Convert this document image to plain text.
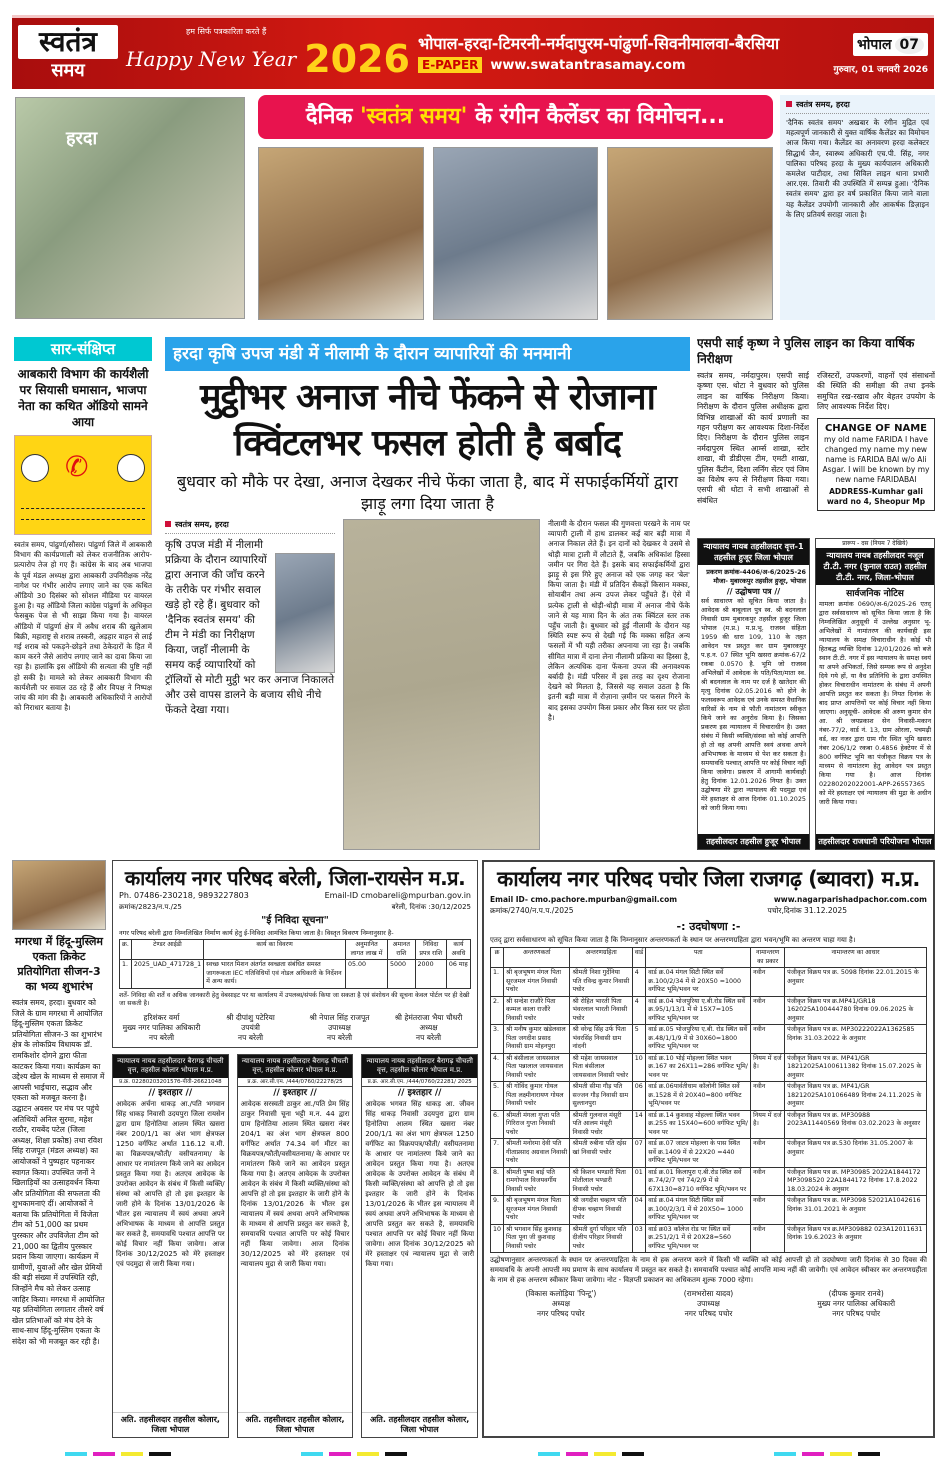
स्वतंत्र
समय
हम सिर्फ पत्रकारिता करते हैं
Happy New Year 2026 भोपाल-हरदा-टिमरनी-नर्मदापुरम-पांढुर्णा-सिवनीमालवा-बैरसिया
E-PAPER www.swatantrasamay.com
भोपाल 07
गुरुवार, 01 जनवरी 2026
हरदा
दैनिक 'स्वतंत्र समय' के रंगीन कैलेंडर का विमोचन...	स्वतंत्र समय, हरदा
'दैनिक स्वतंत्र समय' अखबार के रंगीन मुद्रित एवं महत्वपूर्ण जानकारी से युक्त वार्षिक कैलेंडर का विमोचन आज किया गया। कैलेंडर का अनावरण हरदा कलेक्टर सिद्धार्थ जैन, स्वास्थ्य अधिकारी एच.पी. सिंह, नगर पालिका परिषद हरदा के मुख्य कार्यपालन अधिकारी कमलेश पाटीदार, तथा सिविल लाइन थाना प्रभारी आर.एस. तिवारी की उपस्थिति में सम्पन्न हुआ। 'दैनिक स्वतंत्र समय' द्वारा हर वर्ष प्रकाशित किया जाने वाला यह कैलेंडर उपयोगी जानकारी और आकर्षक डिज़ाइन के लिए प्रतिवर्ष सराहा जाता है।
सार-संक्षिप्त
आबकारी विभाग की कार्यशैली पर सियासी घमासान, भाजपा नेता का कथित ऑडियो सामने आया
✆
स्वतंत्र समय, पांढुर्णा/सौसर। पांढुर्णा जिले में आबकारी विभाग की कार्यप्रणाली को लेकर राजनीतिक आरोप-प्रत्यारोप तेज हो गए हैं। कांग्रेस के बाद अब भाजपा के पूर्व मंडल अध्यक्ष द्वारा आबकारी उपनिरीक्षक नरेंद्र नागेश पर गंभीर आरोप लगाए जाने का एक कथित ऑडियो 30 दिसंबर को सोशल मीडिया पर वायरल हुआ है। यह ऑडियो जिला कांग्रेस पांढुर्णा के अधिकृत फेसबुक पेज से भी साझा किया गया है। वायरल ऑडियो में पांढुर्णा क्षेत्र में अवैध शराब की खुलेआम बिक्री, महाराष्ट्र से शराब तस्करी, अड़हार वाहन से लाई गई शराब को पकड़ने-छोड़ने तथा ठेकेदारों के हित में काम करने जैसे आरोप लगाए जाने का दावा किया जा रहा है। हालांकि इस ऑडियो की सत्यता की पुष्टि नहीं हो सकी है। मामले को लेकर आबकारी विभाग की कार्यशैली पर सवाल उठ रहे हैं और विपक्ष ने निष्पक्ष जांच की मांग की है। आबकारी अधिकारियों ने आरोपों को निराधार बताया है।
हरदा कृषि उपज मंडी में नीलामी के दौरान व्यापारियों की मनमानी
मुट्ठीभर अनाज नीचे फेंकने से रोजाना
क्विंटलभर फसल होती है बर्बाद
बुधवार को मौके पर देखा, अनाज देखकर नीचे फेंका जाता है, बाद में सफाईकर्मियों द्वारा झाड़ू लगा दिया जाता है
स्वतंत्र समय, हरदा
कृषि उपज मंडी में नीलामी प्रक्रिया के दौरान व्यापारियों द्वारा अनाज की जाँच करने के तरीके पर गंभीर सवाल खड़े हो रहे हैं। बुधवार को 'दैनिक स्वतंत्र समय' की टीम ने मंडी का निरीक्षण किया, जहाँ नीलामी के समय कई व्यापारियों को ट्रॉलियों से मोटी मुट्ठी भर कर अनाज निकालते और उसे वापस डालने के बजाय सीधे नीचे फेंकते देखा गया।
नीलामी के दौरान फसल की गुणवत्ता परखने के नाम पर व्यापारी ट्राली में हाथ डालकर कई बार बड़ी मात्रा में अनाज निकाल लेते हैं। इन दानों को देखकर वे उसमे से थोड़ी मात्रा ट्राली में लौटाते हैं, जबकि अधिकांश हिस्सा जमीन पर गिरा देते हैं। इसके बाद सफाईकर्मियों द्वारा झाड़ू से इस गिरे हुए अनाज को एक जगह कर 'बेल' किया जाता है। मंडी में प्रतिदिन सैकड़ों किसान मक्का, सोयाबीन तथा अन्य उपज लेकर पहुँचते हैं। ऐसे में प्रत्येक ट्राली से थोड़ी-थोड़ी मात्रा में अनाज नीचे फेंके जाने से यह मात्रा दिन के अंत तक क्विंटल स्तर तक पहुँच जाती है। बुधवार को हुई नीलामी के दौरान यह स्थिति स्पष्ट रूप से देखी गई कि मक्का सहित अन्य फसलों में भी यही तरीका अपनाया जा रहा है। जबकि सीमित मात्रा में दाना लेना नीलामी प्रक्रिया का हिस्सा है, लेकिन अत्यधिक दाना फेंकना उपज की अनावश्यक बर्बादी है। मंडी परिसर में इस तरह का दृश्य रोजाना देखने को मिलता है, जिससे यह सवाल उठता है कि इतनी बड़ी मात्रा में रोज़ाना ज़मीन पर फसल गिरने के बाद इसका उपयोग किस प्रकार और किस स्तर पर होता है।
एसपी साई कृष्ण ने पुलिस लाइन का किया वार्षिक निरीक्षण
स्वतंत्र समय, नर्मदापुरम। एसपी साई कृष्णा एस. थोटा ने बुधवार को पुलिस लाइन का वार्षिक निरीक्षण किया। निरीक्षण के दौरान पुलिस अधीक्षक द्वारा विभिन्न शाखाओं की कार्य प्रणाली का गहन परीक्षण कर आवश्यक दिशा-निर्देश दिए। निरीक्षण के दौरान पुलिस लाइन नर्मदापुरम स्थित आर्म्स शाखा, स्टोर शाखा, बी डीडीएस टीम, एमटी शाखा, पुलिस कैंटीन, दिशा लर्निंग सेंटर एवं जिम का विशेष रूप से निरीक्षण किया गया। एसपी श्री थोटा ने सभी शाखाओं से संबंधित
रजिस्टरों, उपकरणों, वाहनों एवं संसाधनों की स्थिति की समीक्षा की तथा इनके समुचित रख-रखाव और बेहतर उपयोग के लिए आवश्यक निर्देश दिए।
CHANGE OF NAME
my old name FARIDA I have changed my name my new name is FARIDA BAI w/o Ali Asgar. I will be known by my new name FARIDABAI
ADDRESS-Kumhar gali ward no 4, Sheopur Mp
न्यायालय नायब तहसीलदार वृत्त-1 तहसील हुजूर जिला भोपाल
प्रकरण क्रमांक-4406/अ-6/2025-26 मौजा- मुबारकपुर तहसील हुजूर, भोपाल
// उद्घोषणा पत्र //
सर्व साधारण को सूचित किया जाता है। आवेदक श्री बाबूलाल पुत्र स्व. श्री बदनलाल निवासी ग्राम मुबारकपुर तहसील हुजूर जिला भोपाल (म.प्र.) म.प्र.भू. राजस्व संहिता 1959 की धारा 109, 110 के तहत आवेदन पत्र प्रस्तुत कर ग्राम मुबारकपुर प.ह.न. 07 स्थित भूमि खसरा क्रमांक-67/2 रकबा 0.0570 है. भूमि जो राजस्व अभिलेखों में आवेदक के पति/पिता/माता स्व. श्री बदनलाल के नाम पर दर्ज है खातेदार की मृत्यु दिनांक 02.05.2016 को होने के फलस्वरूप आवेदक एवं उनके समस्त वैधानिक वारिसों के नाम से फौती नामांतरण स्वीकृत किये जाने का अनुरोध किया है। जिसका प्रकरण इस न्यायालय में विचाराधीन है। उक्त संबंध में किसी व्यक्ति/संस्था को कोई आपत्ति हो तो वह अपनी आपत्ति स्वयं अथवा अपने अभिभाषक के माध्यम से पेश कर सकता है। समयावधि पश्चात् आपत्ति पर कोई विचार नहीं किया जावेगा। प्रकरण में आगामी कार्यवाही हेतु दिनांक 12.01.2026 नियत है। उक्त उद्घोषणा मेरे द्वारा न्यायालय की पदमुद्रा एवं मेरे हस्ताक्षर से आज दिनांक 01.10.2025 को जारी किया गया।
तहसीलदार तहसील हुजूर भोपाल
प्रारूप - दस (नियम 7 देखिये)
न्यायालय नायब तहसीलदार नजूल टी.टी. नगर (कुनाल राउत) तहसील टी.टी. नगर, जिला-भोपाल
सार्वजनिक नोटिस
मामला क्रमांक 0690/अ-6/2025-26 एतद् द्वारा सर्वसाधारण को सूचित किया जाता है कि निम्नलिखित अनुसूची में उल्लेख अनुसार भू-अभिलेखों में नामांतरण की कार्यवाही इस न्यायालय के समक्ष विचाराधीन है। कोई भी हितबद्ध व्यक्ति दिनांक 12/01/2026 को बजे स्थान टी.टी. नगर में इस न्यायालय के समक्ष स्वयं या अपने अभिकर्ता, जिसे सम्यक रूप से अनुदेश दिये गये हों, या वैध प्रतिनिधि के द्वारा उपस्थित होकर विचाराधीन नामांतरण के संबंध में अपनी आपत्ति प्रस्तुत कर सकता है। नियत दिनांक के बाद प्राप्त आपत्तियों पर कोई विचार नहीं किया जाएगा। अनुसूची- आवेदक श्री अरुण कुमार सेन आ. श्री जयप्रकाश सेन निवासी-मकान नंबर-77/2, वार्ड नं. 13, ग्राम ओरला, पचमढ़ी वर्ड, का नजर द्वारा ग्राम गौर स्थित भूमि खसरा नंबर 206/1/2 रकबा 0.4856 हेक्टेयर में से 800 वर्गफिट भूमि का पंजीकृत विक्रय पत्र के माध्यम से नामांतरण हेतु आवेदन पत्र प्रस्तुत किया गया है। आज दिनांक 02280202022001-APP-26557365 को मेरे हस्ताक्षर एवं न्यायालय की मुद्रा के अधीन जारी किया गया।
तहसीलदार राजधानी परियोजना भोपाल
मगरधा में हिंदू-मुस्लिम एकता क्रिकेट प्रतियोगिता सीजन-3 का भव्य शुभारंभ
स्वतंत्र समय, हरदा। बुधवार को जिले के ग्राम मगरधा में आयोजित हिंदू-मुस्लिम एकता क्रिकेट प्रतियोगिता सीजन-3 का शुभारंभ क्षेत्र के लोकप्रिय विधायक डॉ. रामकिशोर दोगने द्वारा फीता काटकर किया गया। कार्यक्रम का उद्देश्य खेल के माध्यम से समाज में आपसी भाईचारा, सद्भाव और एकता को मजबूत करना है। उद्घाटन अवसर पर मंच पर पहुंचे अतिथियों अनिल सुरमा, महेश राठौर, रायबेंद पटेल (जिला अध्यक्ष, शिक्षा प्रकोष्ठ) तथा रविश सिंह राजपूत (मंडल अध्यक्ष) का आयोजकों ने पुष्पहार पहनाकर स्वागत किया। उपस्थित जनों ने खिलाड़ियों का उत्साहवर्धन किया और प्रतियोगिता की सफलता की शुभकामनाएं दीं। आयोजकों ने बताया कि प्रतियोगिता में विजेता टीम को 51,000 का प्रथम पुरस्कार और उपविजेता टीम को 21,000 का द्वितीय पुरस्कार प्रदान किया जाएगा। कार्यक्रम में ग्रामीणों, युवाओं और खेल प्रेमियों की बड़ी संख्या में उपस्थिति रही, जिन्होंने मैच को लेकर उत्साह जाहिर किया। मगरधा में आयोजित यह प्रतियोगिता लगातार तीसरे वर्ष खेल प्रतिभाओं को मंच देने के साथ-साथ हिंदू-मुस्लिम एकता के संदेश को भी मजबूत कर रही है।
कार्यालय नगर परिषद बरेली, जिला-रायसेन म.प्र.
Ph. 07486-230218, 9893227803	Email-ID cmobareli@mpurban.gov.in
क्रमांक/2823/न.प./25	बरेली, दिनांक :30/12/2025
"ई निविदा सूचना"
नगर परिषद बरेली द्वारा निम्नलिखित निर्माण कार्य हेतु ई-निविदा आमंत्रित किया जाता है। विस्तृत विवरण निम्नानुसार है-
क्र.	टेण्डर आईडी	कार्य का विवरण	अनुमानित लागत लाख में	अमानत राशि	निविदा प्रपत्र राशि	कार्य अवधि
1.	2025_UAD_471728_1	स्वच्छ भारत मिशन अंतर्गत स्वच्छता संबंधित समस्त जागरूकता IEC गतिविधियों एवं नोडल अधिकारी के निर्देशन में अन्य कार्य।	05.00	5000	2000	06 माह
शर्तें- निविदा की शर्तें व अधिक जानकारी हेतु वेबसाइट पर या कार्यालय में उपलब्ध/संपर्क किया जा सकता है एवं संशोधन की सूचना केवल पोर्टल पर ही देखी जा सकती है।
हरिशंकर वर्मा
मुख्य नगर पालिका अधिकारी
नप बरेली
श्री दीपांशु पटेरिया
उपयंत्री
नप बरेली
श्री नेपाल सिंह राजपूत
उपाध्यक्ष
नप बरेली
श्री हेमंतराजा भैया चौधरी
अध्यक्ष
नप बरेली
न्यायालय नायब तहसीलदार बैरागढ़ चीचली वृत्त, तहसील कोलार भोपाल म.प्र.
प्र.क्र. 0228020320157б-पीवी-26621048
// इश्तहार //
आवेदक अर्चना धाकड़ आ./पति भगवान सिंह धाकड़ निवासी उदयपुरा जिला रायसेन द्वारा ग्राम हिनोतिया आलम स्थित खसरा नंबर 200/1/1 का अंश भाग क्षेत्रफल 1250 वर्गफिट अर्थात 116.12 व.मी. का विक्रयपत्र/फौती/ वसीयतनामा/ के आधार पर नामांतरण किये जाने का आवेदन प्रस्तुत किया गया है। अतएव आवेदक के उपरोक्त आवेदन के संबंध में किसी व्यक्ति/संस्था को आपत्ति हो तो इस इश्तहार के जारी होने के दिनांक 13/01/2026 के भीतर इस न्यायालय में स्वयं अथवा अपने अभिभाषक के माध्यम से आपत्ति प्रस्तुत कर सकते है, समयावधि पश्चात आपत्ति पर कोई विचार नहीं किया जावेगा। आज दिनांक 30/12/2025 को मेरे हस्ताक्षर एवं पदमुद्रा से जारी किया गया।
अति. तहसीलदार तहसील कोलार, जिला भोपाल
न्यायालय नायब तहसीलदार बैरागढ़ चीचली वृत्त, तहसील कोलार भोपाल म.प्र.
प्र.क्र. आर.सी.एम. /444/0760/22278/25
// इश्तहार //
आवेदक सरस्वती ठाकुर आ./पति प्रेम सिंह ठाकुर निवासी चूना भट्टी म.न. 44 द्वारा ग्राम हिनोतिया आलम स्थित खसरा नंबर 204/1 का अंश भाग क्षेत्रफल 800 वर्गफिट अर्थात 74.34 वर्ग मीटर का विक्रयपत्र/फौती/वसीयतनामा/ के आधार पर नामांतरण किये जाने का आवेदन प्रस्तुत किया गया है। अतएव आवेदक के उपरोक्त आवेदन के संबंध में किसी व्यक्ति/संस्था को आपत्ति हो तो इस इश्तहार के जारी होने के दिनांक 13/01/2026 के भीतर इस न्यायालय में स्वयं अथवा अपने अभिभाषक के माध्यम से आपत्ति प्रस्तुत कर सकते है, समयावधि पश्चात आपत्ति पर कोई विचार नहीं किया जावेगा। आज दिनांक 30/12/2025 को मेरे हस्ताक्षर एवं न्यायालय मुद्रा से जारी किया गया।
अति. तहसीलदार तहसील कोलार, जिला भोपाल
न्यायालय नायब तहसीलदार बैरागढ़ चीचली वृत्त, तहसील कोलार भोपाल म.प्र.
प्र.क्र. आर.सी.एम. /444/0760/22281/ 2025
// इश्तहार //
आवेदक भगवत सिंह धाकड़ आ. जीवन सिंह धाकड़ निवासी उदयपुरा द्वारा ग्राम हिनोतिया आलम स्थित खसरा नंबर 200/1/1 का अंश भाग क्षेत्रफल 1250 वर्गफिट का विक्रयपत्र/फौती/ वसीयतनामा के आधार पर नामांतरण किये जाने का आवेदन प्रस्तुत किया गया है। अतएव आवेदक के उपरोक्त आवेदन के संबंध में किसी व्यक्ति/संस्था को आपत्ति हो तो इस इश्तहार के जारी होने के दिनांक 13/01/2026 के भीतर इस न्यायालय में स्वयं अथवा अपने अभिभाषक के माध्यम से आपत्ति प्रस्तुत कर सकते है, समयावधि पश्चात आपत्ति पर कोई विचार नहीं किया जावेगा। आज दिनांक 30/12/2025 को मेरे हस्ताक्षर एवं न्यायालय मुद्रा से जारी किया गया।
अति. तहसीलदार तहसील कोलार, जिला भोपाल
कार्यालय नगर परिषद पचोर जिला राजगढ़ (ब्यावरा) म.प्र.
Email ID- cmo.pachore.mpurban@gmail.com	www.nagarparishadpachor.com.com
क्रमांक/2740/न.प.प./2025	पचोर,दिनांक 31.12.2025
-: उदघोषणा :-
एतद् द्वारा सर्वसाधारण को सूचित किया जाता है कि निम्नानुसार अन्तरणकर्ता के स्थान पर अन्तरणग्रहिता द्वारा भवन/भूमि का अन्तरण चाहा गया है।
क्र	अन्तरणकर्ता	अन्तरणग्रहिता	वार्ड	पता	नामान्तरण का प्रकार	नामान्तरण का आधार
1.	श्री बृजभूषण मंगल पिता सूरजमल मंगल निवासी पचोर	श्रीमती निशा गुर्देनिया पति रविन्द्र कुमार निवासी पचोर	4	वार्ड क्र.04 मंगल सिटी स्थित सर्वे क्र.100/2/34 में से 20X50 =1000 वर्गफिट भूमि/भवन पर	नवीन	पंजीकृत विक्रय पत्र क्र. 5098 दिनांक 22.01.2015 के अनुसार
2.	श्री सन्देश राजौरे पिता कम्मल काला राजौरे निवासी पचोर	श्री रोहित भारती पिता भंवरलाल भारती निवासी पचोर	4	वार्ड क्र.04 भोजपुरिया ए.बी.रोड स्थित सर्वे क्र.95/1/13/1 में से 15X7=105 वर्गफिट भूमि/भवन पर	नवीन	पंजीकृत विक्रय पत्र क्र.MP41/GR18 162025A100444780 दिनांक 09.06.2025 के अनुसार
3.	श्री मनीष कुमार खंडेलवाल पिता जगदीश प्रसाद निवासी ग्राम मोहनपुरा	श्री वरेन्द्र सिंह उर्फ पिता भंवरसिंह निवासी ग्राम नांदनी	5	वार्ड क्र.05 भोजपुरिया ए.बी. रोड स्थित सर्वे क्र.48/1/1/9 में से 30X60=1800 वर्गफिट भूमि/भवन पर	नवीन	पंजीकृत विक्रय पत्र क्र. MP30222022A1362585 दिनांक 31.03.2022 के अनुसार
4.	श्री बंसीलाल जायसवाल पिता पन्नालाल जायसवाल निवासी पचोर	श्री महेश जायसवाल पिता बंसीलाल जायसवाल निवासी पचोर	10	वार्ड क्र.10 भोई मोहल्ला स्थित भवन क्र.167 का 26X11=286 वर्गफिट भूमि/भवन पर	नियम में दर्ज है।	पंजीकृत विक्रय पत्र क्र. MP41/GR 18212025A100611382 दिनांक 15.07.2025 के अनुसार
5.	श्री गोविंद कुमार गोयल पिता लक्ष्मीनारायण गोयल निवासी पचोर	श्रीमती सीमा गौड़ पति सज्जन गौड़ निवासी ग्राम सुल्तानपुरा	06	वार्ड क्र.06पार्वतीधाम कॉलोनी स्थित सर्वे क्र.1528 में से 20X40=800 वर्गफिट भूमि/भवन पर	नवीन	पंजीकृत विक्रय पत्र क्र. MP41/GR 18212025A101066489 दिनांक 24.11.2025 के अनुसार
6.	श्रीमती मंगला गुप्ता पति गिरिराज गुप्ता निवासी पचोर	श्रीमती गुलनाज मंसूरी पति आलम मंसूरी निवासी पचोर	14	वार्ड क्र.14 कुशवाह मोहल्ला स्थित भवन क्र.255 का 15X40=600 वर्गफिट भूमि/भवन पर	नियम में दर्ज है।	पंजीकृत विक्रय पत्र क्र. MP30988 2023A11440569 दिनांक 03.02.2023 के अनुसार
7.	श्रीमती मनोरमा देवी पति गीताप्रसाद अग्रवाल निवासी पचोर	श्रीमती रुबीना पति रईस खां निवासी पचोर	07	वार्ड क्र.07 जाटव मोहल्ला के पास स्थित सर्वे क्र.1409 में से 22X20 =440 वर्गफिट भूमि/भवन पर	नवीन	पंजीकृत विक्रय पत्र क्र.530 दिनांक 31.05.2007 के अनुसार
8.	श्रीमती पुष्पा बाई पति रामगोपाल विजयवर्गीय निवासी पचोर	श्री किशन भण्डारी पिता मोतीलाल भण्डारी निवासी पचोर	01	वार्ड क्र.01 किलापुरा ए.बी.रोड स्थित सर्वे क्र.74/2/7 एवं 74/2/9 में से 67X130=8710 वर्गफिट भूमि/भवन पर	नवीन	पंजीकृत विक्रय पत्र क्र. MP30985 2022A1844172 MP3098520 22A1844172 दिनांक 17.8.2022 18.03.2024 के अनुसार
9.	श्री बृजभूषण मंगल पिता सूरजमल मंगल निवासी पचोर	श्री जगदीश चव्हाण पति दीपक चव्हाण निवासी पचोर	04	वार्ड क्र.04 मंगल सिटी स्थित सर्वे क्र.100/2/3/1 में से 20X50= 1000 वर्गफिट भूमि/भवन पर	नवीन	पंजीकृत विक्रय पत्र क्र. MP3098 52021A1042616 दिनांक 31.01.2021 के अनुसार
10	श्री भगवान सिंह कुशवाह पिता पूना जी कुशवाह निवासी पचोर	श्रीमती दुर्गा परिहार पति दीलीप परिहार निवासी पचोर	03	वार्ड क्र03 कॉलेज रोड पर स्थित सर्वे क्र.251/2/1 में से 20X28=560 वर्गफिट भूमि/भवन पर	नवीन	पंजीकृत विक्रय पत्र क्र.MP309882 023A12011631 दिनांक 19.6.2023 के अनुसार
उद्घोषणानुसार अन्तरणकर्ता के स्थान पर अन्तरणग्रहिता के नाम से हक अन्तरण करने में किसी भी व्यक्ति को कोई आपत्ती हो तो उदघोषणा जारी दिनांक से 30 दिवस की समयावधि के अपनी आपत्ती मय प्रमाण के साथ कार्यालय में प्रस्तुत कर सकते है। समयावधि पश्चात कोई आपत्ति मान्य नहीं की जावेगी। एवं आवेदन स्वीकार कर अन्तरणग्रहीता के नाम से हक अन्तरण स्वीकार किया जावेगा। नोट - विज्ञप्ती प्रकाशन का अधिकतम शुल्क 7000 रहेगा।
(विकास कलोड़िया 'पिन्टू')
अध्यक्ष
नगर परिषद पचोर
(रामभरोसा यादव)
उपाध्यक्ष
नगर परिषद पचोर
(दीपक कुमार रानवे)
मुख्य नगर पालिका अधिकारी
नगर परिषद पचोर
